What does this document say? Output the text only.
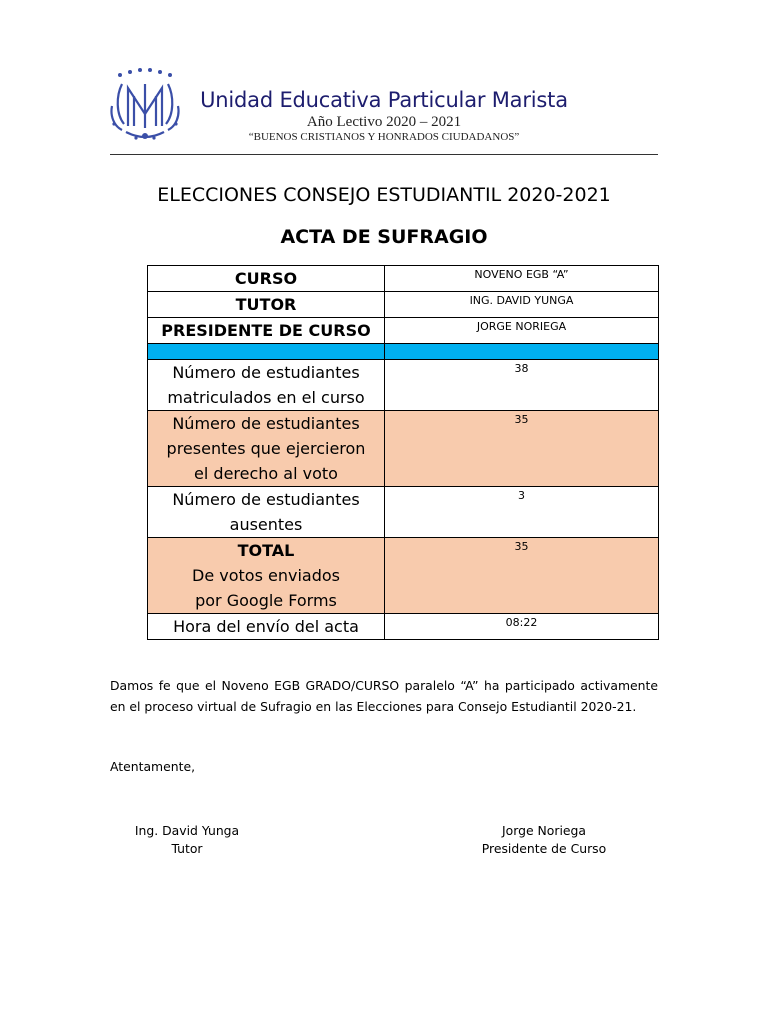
Unidad Educativa Particular Marista
Año Lectivo 2020 – 2021
“BUENOS CRISTIANOS Y HONRADOS CIUDADANOS”
ELECCIONES CONSEJO ESTUDIANTIL 2020-2021
ACTA DE SUFRAGIO
CURSO	NOVENO EGB “A”
TUTOR	ING. DAVID YUNGA
PRESIDENTE DE CURSO	JORGE NORIEGA

Número de estudiantes
matriculados en el curso	38

Número de estudiantes
presentes que ejercieron
el derecho al voto	35

Número de estudiantes
ausentes	3

TOTAL
De votos enviados
por Google Forms	35
Hora del envío del acta	08:22
Damos fe que el Noveno EGB GRADO/CURSO paralelo “A” ha participado activamente en el proceso virtual de Sufragio en las Elecciones para Consejo Estudiantil 2020-21.
Atentamente,
Ing. David Yunga
Tutor
Jorge Noriega
Presidente de Curso
